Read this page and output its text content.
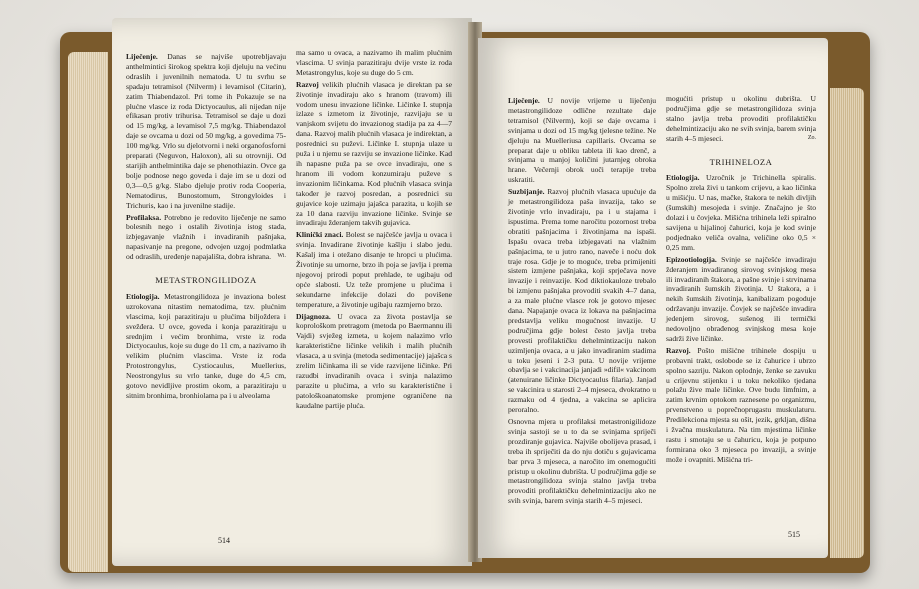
Liječenje. Danas se najviše upotrebljavaju anthelmintici širokog spektra koji djeluju na većinu odraslih i juvenilnih nematoda. U tu svrhu se spadaju tetramisol (Nilverm) i levamisol (Citarin), zatim Thiabendazol. Pri tome ih Pokazuje se na plućne vlasce iz roda Dictyocaulus, ali nijedan nije efikasan protiv trihurisa. Tetramisol se daje u dozi od 15 mg/kg, a levamisol 7,5 mg/kg. Thiabendazol daje se ovcama u dozi od 50 mg/kg, a govedima 75-100 mg/kg. Vrlo su djelotvorni i neki organofosforni preparati (Neguvon, Haloxon), ali su otrovniji. Od starijih anthelmintika daje se phenothiazin. Ovce ga bolje podnose nego goveda i daje im se u dozi od 0,3—0,5 g/kg. Slabo djeluje protiv roda Cooperia, Nematodirus, Bunostomum, Strongyloides i Trichuris, kao i na juvenilne stadije.

Profilaksa. Potrebno je redovito liječenje ne samo bolesnih nego i ostalih životinja istog stada, izbjegavanje vlažnih i invadiranih pašnjaka, napasivanje na pregone, odvojen uzgoj podmlatka od odraslih, uređenje napajališta, dobra ishrana. Wi.

METASTRONGILIDOZA

Etiologija. Metastrongilidoza je invaziona bolest uzrokovana nitastim nematodima, tzv. plućnim vlascima, koji parazitiraju u plućima biljoždera i svežđera. U ovce, goveda i konja parazitiraju u srednjim i većim bronhima, vrste iz roda Dictyocaulus, koje su duge do 11 cm, a nazivamo ih velikim plućnim vlascima. Vrste iz roda Protostrongylus, Cystiocaulus, Muellerius, Neostrongylus su vrlo tanke, duge do 4,5 cm, gotovo nevidljive prostim okom, a parazitiraju u sitnim bronhima, bronhiolama pa i u alveolama

ma samo u ovaca, a nazivamo ih malim plućnim vlascima. U svinja parazitiraju dvije vrste iz roda Metastrongylus, koje su duge do 5 cm.

Razvoj velikih plućnih vlasaca je direktan pa se životinje invadiraju ako s hranom (travom) ili vodom unesu invazione ličinke. Ličinke I. stupnja izlaze s izmetom iz životinje, razvijaju se u vanjskom svijetu do invazionog stadija pa za 4—7 dana. Razvoj malih plućnih vlasaca je indirektan, a posrednici su puževi. Ličinke I. stupnja ulaze u puža i u njemu se razviju se invazione ličinke. Kad ih napasne puža pa se ovce invadiraju, one s hranom ili vodom konzumiraju puževe s invazionim ličinkama. Kod plućnih vlasaca svinja također je razvoj posredan, a posrednici su gujavice koje uzimaju jajašca parazita, u kojih se za 10 dana razviju invazione ličinke. Svinje se invadiraju žderanjem takvih gujavica.

Klinički znaci. Bolest se najčešće javlja u ovaca i svinja. Invadirane životinje kašlju i slabo jedu. Kašalj ima i otežano disanje te hropci u plućima. Životinje su umorne, brzo ih poja se javlja i prema njegovoj prirodi poput prehlade, te ugibaju od opće slabosti. Uz teže promjene u plućima i sekundarne infekcije dolazi do povišene temperature, a životinje ugibaju razmjerno brzo.

Dijagnoza. U ovaca za života postavlja se koprološkom pretragom (metoda po Baermannu ili Vajdi) svježeg izmeta, u kojem nalazimo vrlo karakteristične ličinke velikih i malih plućnih vlasaca, a u svinja (metoda sedimentacije) jajašca s zrelim ličinkama ili se vide razvijene ličinke. Pri razudbi invadiranih ovaca i svinja nalazimo parazite u plućima, a vrlo su karakteristične i patološkoanatomske promjene ograničene na kaudalne partije pluća.

514

Liječenje. U novije vrijeme u liječenju metastrongilidoze odlične rezultate daje tetramisol (Nilverm), koji se daje ovcama i svinjama u dozi od 15 mg/kg tjelesne težine. Ne djeluju na Muelleriusa capillaris. Ovcama se preparat daje u obliku tableta ili kao drenč, a svinjama u manjoj količini jutarnjeg obroka hrane. Večernji obrok uoči terapije treba uskratiti.

Suzbijanje. Razvoj plućnih vlasaca upućuje da je metastrongilidoza paša invazija, tako se životinje vrlo invadiraju, pa i u stajama i ispustima. Prema tome naročitu pozornost treba obratiti pašnjacima i životinjama na ispaši. Ispašu ovaca treba izbjegavati na vlažnim pašnjacima, te u jutro rano, naveče i noću dok traje rosa. Gdje je to moguće, treba primijeniti sistem izmjene pašnjaka, koji sprječava nove invazije i reinvazije. Kod diktiokauloze trebalo bi izmjenu pašnjaka provoditi svakih 4–7 dana, a za male plućne vlasce rok je gotovo mjesec dana. Napajanje ovaca iz lokava na pašnjacima predstavlja veliku mogućnost invazije. U područjima gdje bolest često javlja treba provesti profilaktičku dehelmintizaciju nakon uzimljenja ovaca, a u jako invadiranim stadima u toku jeseni i 2-3 puta. U novije vrijeme obavlja se i vakcinacija janjadi »difil« vakcinom (atenuirane ličinke Dictyocaulus filaria). Janjad se vakcinira u starosti 2–4 mjeseca, dvokratno u razmaku od 4 tjedna, a vakcina se aplicira peroralno.

Osnovna mjera u profilaksi metastronigilidoze svinja sastoji se u to da se svinjama spriječi prozdiranje gujavica. Najviše obolijeva prasad, i treba ih spriječiti da do nju dotiču s gujavicama bar prva 3 mjeseca, a naročito im onemogućiti pristup u okolinu dubrišta. U područjima gdje se metastrongilidoza svinja stalno javlja treba provoditi profilaktičku dehelmintizaciju ako ne svih svinja, barem svinja starih 4–5 mjeseci.

mogućiti pristup u okolinu dubrišta. U područjima gdje se metastrongilidoza svinja stalno javlja treba provoditi profilaktičku dehelmintizaciju ako ne svih svinja, barem svinja starih 4–5 mjeseci.	Zo.

TRIHINELOZA

Etiologija. Uzročnik je Trichinella spiralis. Spolno zrela živi u tankom crijevu, a kao ličinka u mišićju. U nas, mačke, štakora te nekih divljih (šumskih) mesojeda i svinje. Značajno je što dolazi i u čovjeka. Mišićna trihinela leži spiralno savijena u hijalinoj čahurici, koja je kod svinje podjednako veliča ovalna, veličine oko 0,5 × 0,25 mm.

Epizootiologija. Svinje se najčešće invadiraju žderanjem invadiranog sirovog svinjskog mesa ili invadiranih štakora, a pašne svinje i strvinama invadiranih šumskih životinja. U štakora, a i nekih šumskih životinja, kanibalizam pogoduje održavanju invazije. Čovjek se najčešće invadira jedenjem sirovog, sušenog ili termički nedovoljno obrađenog svinjskog mesa koje sadrži žive ličinke.

Razvoj. Pošto mišićne trihinele dospiju u probavni trakt, oslobode se iz čahurice i ubrzo spolno sazriju. Nakon oplodnje, ženke se zavuku u crijevnu stijenku i u toku nekoliko tjedana polažu žive male ličinke. Ove budu limfnim, a zatim krvnim optokom raznesene po organizmu, prvenstveno u poprečnoprugastu muskulaturu. Predilekciona mjesta su ošit, jezik, grkljan, dišna i žvačna muskulatura. Na tim mjestima ličinke rastu i smotaju se u čahuricu, koja je potpuno formirana oko 3 mjeseca po invaziji, a svinje može i ovapniti. Mišićna tri-

515
